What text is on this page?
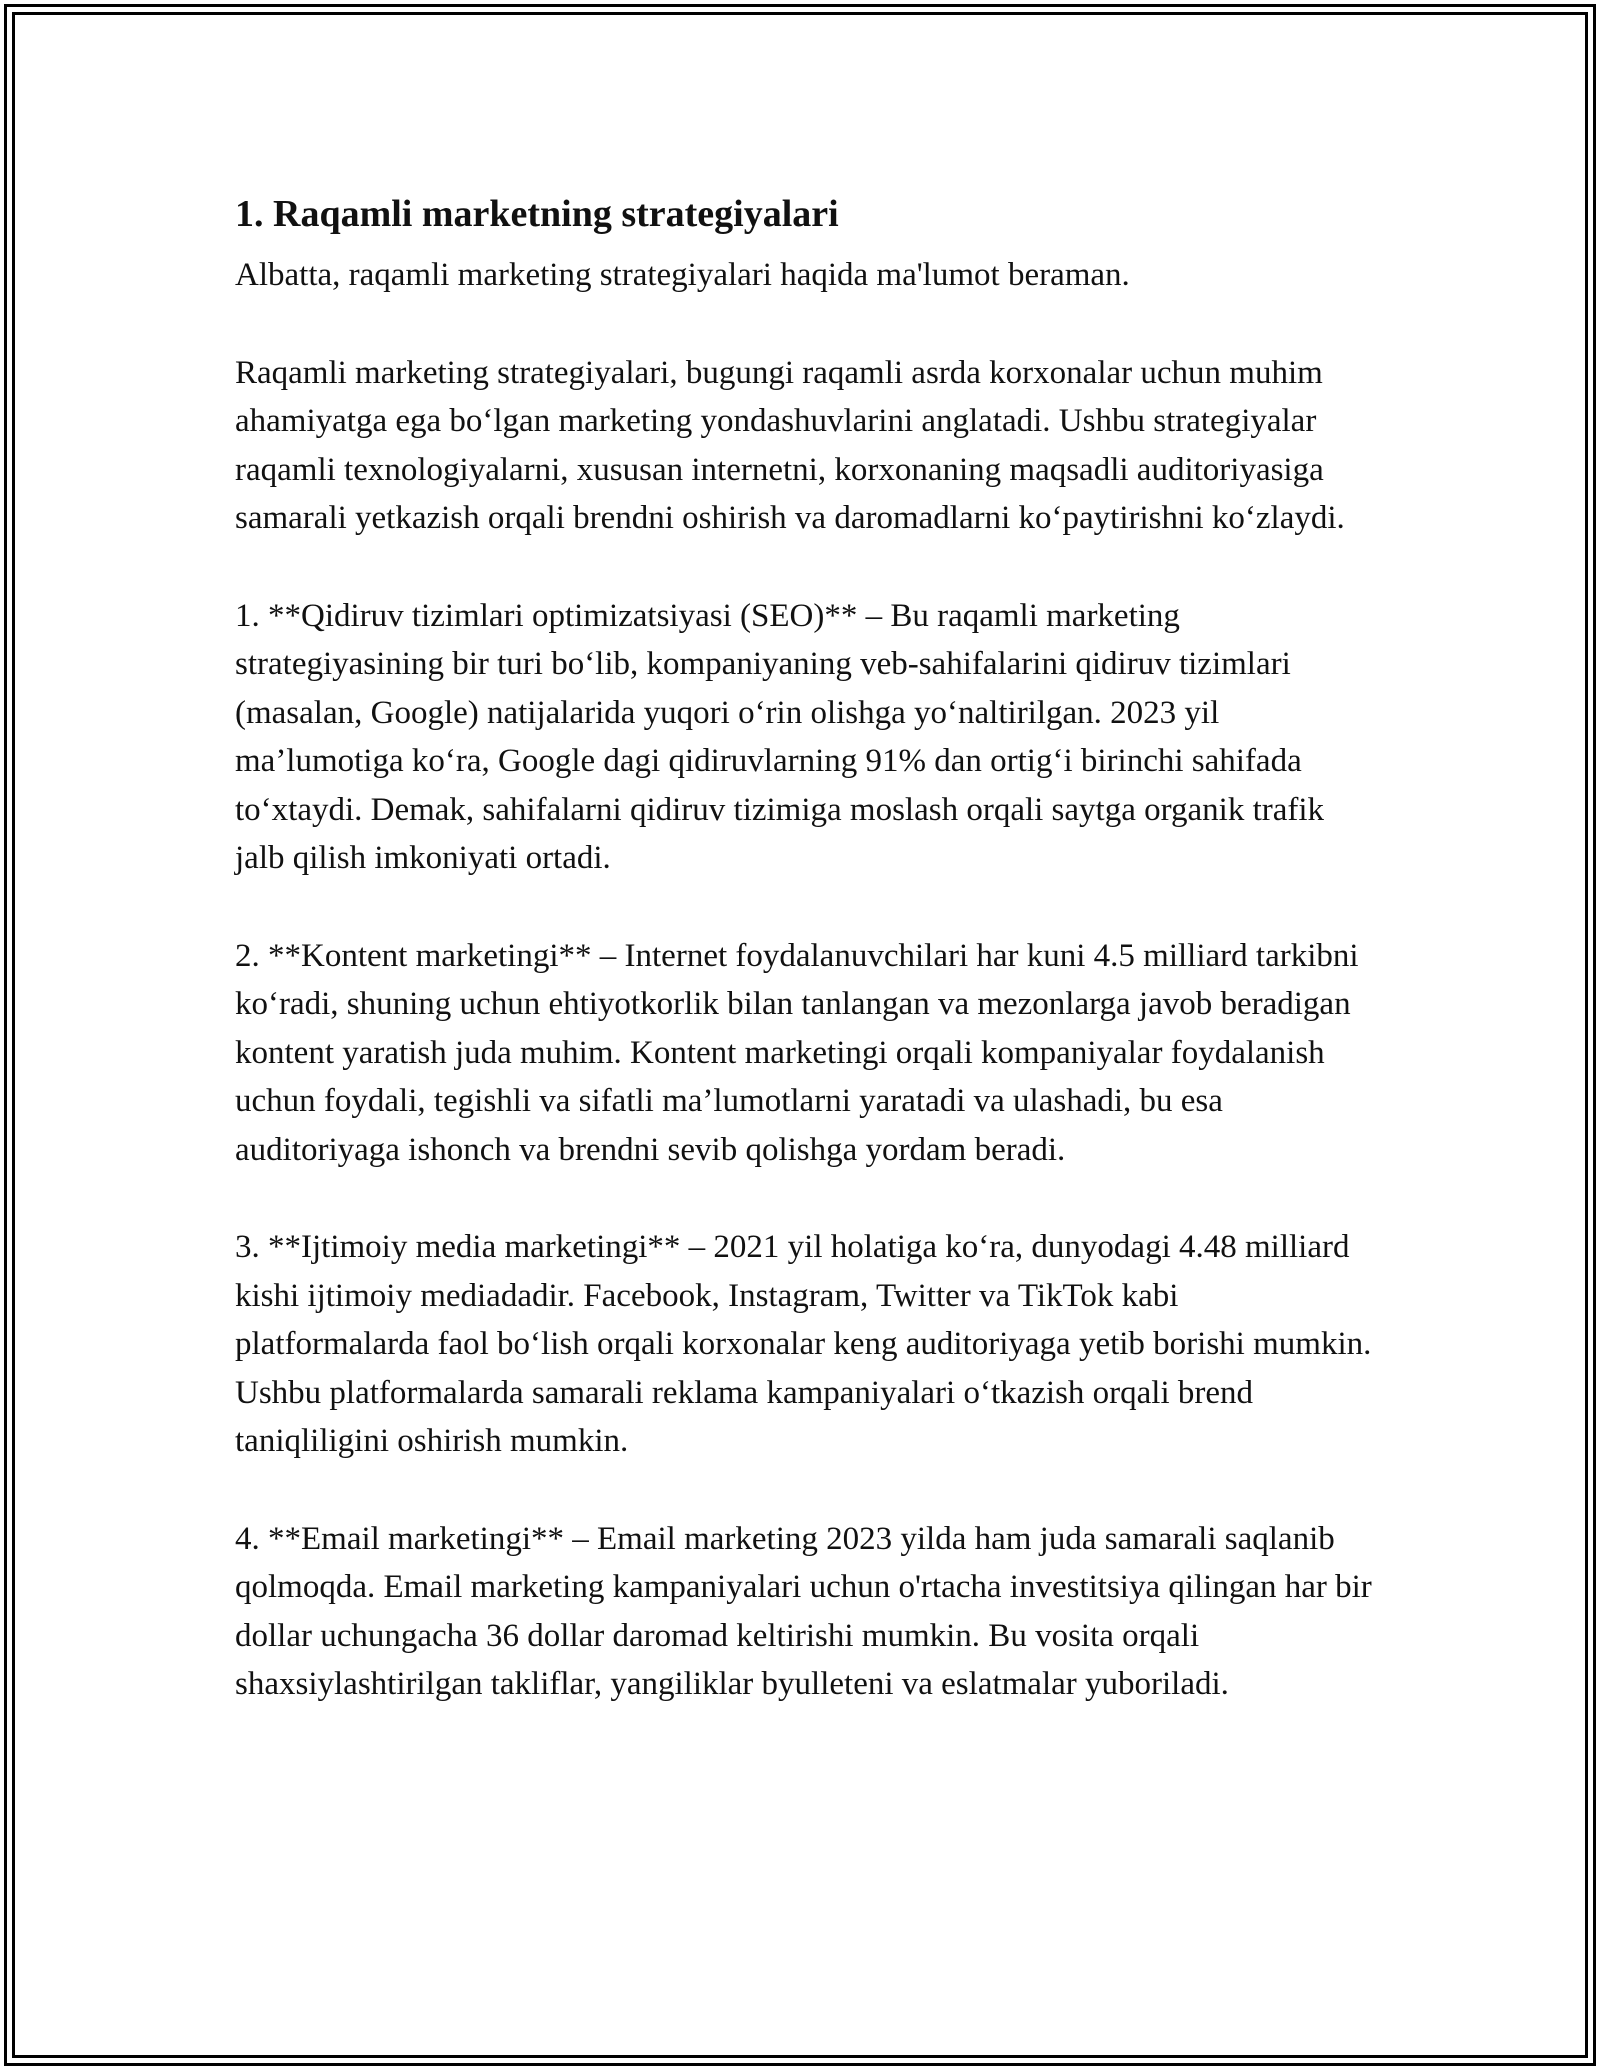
1. Raqamli marketning strategiyalari

Albatta, raqamli marketing strategiyalari haqida ma'lumot beraman.

Raqamli marketing strategiyalari, bugungi raqamli asrda korxonalar uchun muhim ahamiyatga ega bo‘lgan marketing yondashuvlarini anglatadi. Ushbu strategiyalar raqamli texnologiyalarni, xususan internetni, korxonaning maqsadli auditoriyasiga samarali yetkazish orqali brendni oshirish va daromadlarni ko‘paytirishni ko‘zlaydi.

1. **Qidiruv tizimlari optimizatsiyasi (SEO)** – Bu raqamli marketing strategiyasining bir turi bo‘lib, kompaniyaning veb-sahifalarini qidiruv tizimlari (masalan, Google) natijalarida yuqori o‘rin olishga yo‘naltirilgan. 2023 yil ma’lumotiga ko‘ra, Google dagi qidiruvlarning 91% dan ortig‘i birinchi sahifada to‘xtaydi. Demak, sahifalarni qidiruv tizimiga moslash orqali saytga organik trafik jalb qilish imkoniyati ortadi.

2. **Kontent marketingi** – Internet foydalanuvchilari har kuni 4.5 milliard tarkibni ko‘radi, shuning uchun ehtiyotkorlik bilan tanlangan va mezonlarga javob beradigan kontent yaratish juda muhim. Kontent marketingi orqali kompaniyalar foydalanish uchun foydali, tegishli va sifatli ma’lumotlarni yaratadi va ulashadi, bu esa auditoriyaga ishonch va brendni sevib qolishga yordam beradi.

3. **Ijtimoiy media marketingi** – 2021 yil holatiga ko‘ra, dunyodagi 4.48 milliard kishi ijtimoiy mediadadir. Facebook, Instagram, Twitter va TikTok kabi platformalarda faol bo‘lish orqali korxonalar keng auditoriyaga yetib borishi mumkin. Ushbu platformalarda samarali reklama kampaniyalari o‘tkazish orqali brend taniqliligini oshirish mumkin.

4. **Email marketingi** – Email marketing 2023 yilda ham juda samarali saqlanib qolmoqda. Email marketing kampaniyalari uchun o'rtacha investitsiya qilingan har bir dollar uchungacha 36 dollar daromad keltirishi mumkin. Bu vosita orqali shaxsiylashtirilgan takliflar, yangiliklar byulleteni va eslatmalar yuboriladi.
